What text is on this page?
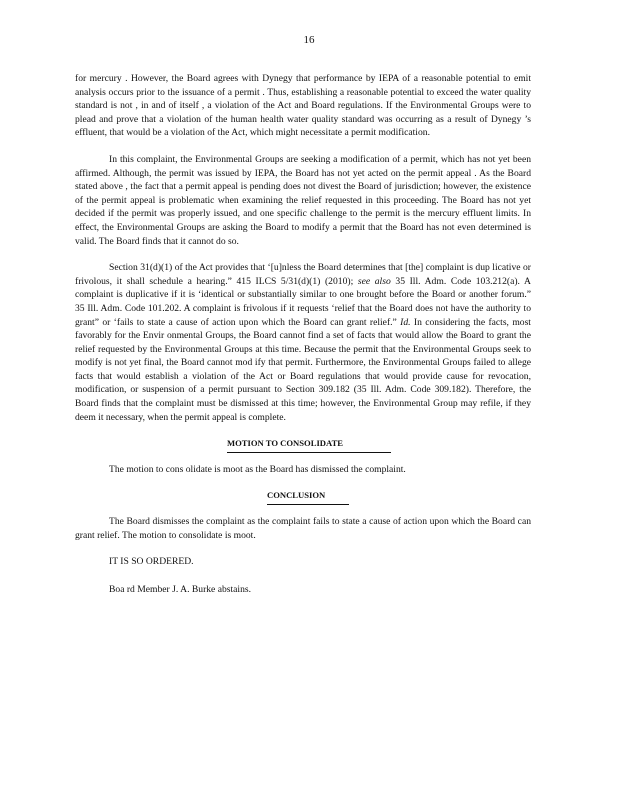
16

for mercury . However, the Board agrees with Dynegy that performance by IEPA of a reasonable potential to emit analysis occurs prior to the issuance of a permit . Thus, establishing a reasonable potential to exceed the water quality standard is not , in and of itself , a violation of the Act and Board regulations. If the Environmental Groups were to plead and prove that a violation of the human health water quality standard was occurring as a result of Dynegy ’s effluent, that would be a violation of the Act, which might necessitate a permit modification.

In this complaint, the Environmental Groups are seeking a modification of a permit, which has not yet been affirmed. Although, the permit was issued by IEPA, the Board has not yet acted on the permit appeal . As the Board stated above , the fact that a permit appeal is pending does not divest the Board of jurisdiction; however, the existence of the permit appeal is problematic when examining the relief requested in this proceeding. The Board has not yet decided if the permit was properly issued, and one specific challenge to the permit is the mercury effluent limits. In effect, the Environmental Groups are asking the Board to modify a permit that the Board has not even determined is valid. The Board finds that it cannot do so.

Section 31(d)(1) of the Act provides that ‘[u]nless the Board determines that [the] complaint is dup licative or frivolous, it shall schedule a hearing.” 415 ILCS 5/31(d)(1) (2010); see also 35 Ill. Adm. Code 103.212(a). A complaint is duplicative if it is ‘identical or substantially similar to one brought before the Board or another forum.” 35 Ill. Adm. Code 101.202. A complaint is frivolous if it requests ‘relief that the Board does not have the authority to grant” or ‘fails to state a cause of action upon which the Board can grant relief.” Id. In considering the facts, most favorably for the Envir onmental Groups, the Board cannot find a set of facts that would allow the Board to grant the relief requested by the Environmental Groups at this time. Because the permit that the Environmental Groups seek to modify is not yet final, the Board cannot mod ify that permit. Furthermore, the Environmental Groups failed to allege facts that would establish a violation of the Act or Board regulations that would provide cause for revocation, modification, or suspension of a permit pursuant to Section 309.182 (35 Ill. Adm. Code 309.182). Therefore, the Board finds that the complaint must be dismissed at this time; however, the Environmental Group may refile, if they deem it necessary, when the permit appeal is complete.

MOTION TO CONSOLIDATE

The motion to cons olidate is moot as the Board has dismissed the complaint.

CONCLUSION

The Board dismisses the complaint as the complaint fails to state a cause of action upon which the Board can grant relief. The motion to consolidate is moot.

IT IS SO ORDERED.

Boa rd Member J. A. Burke abstains.
